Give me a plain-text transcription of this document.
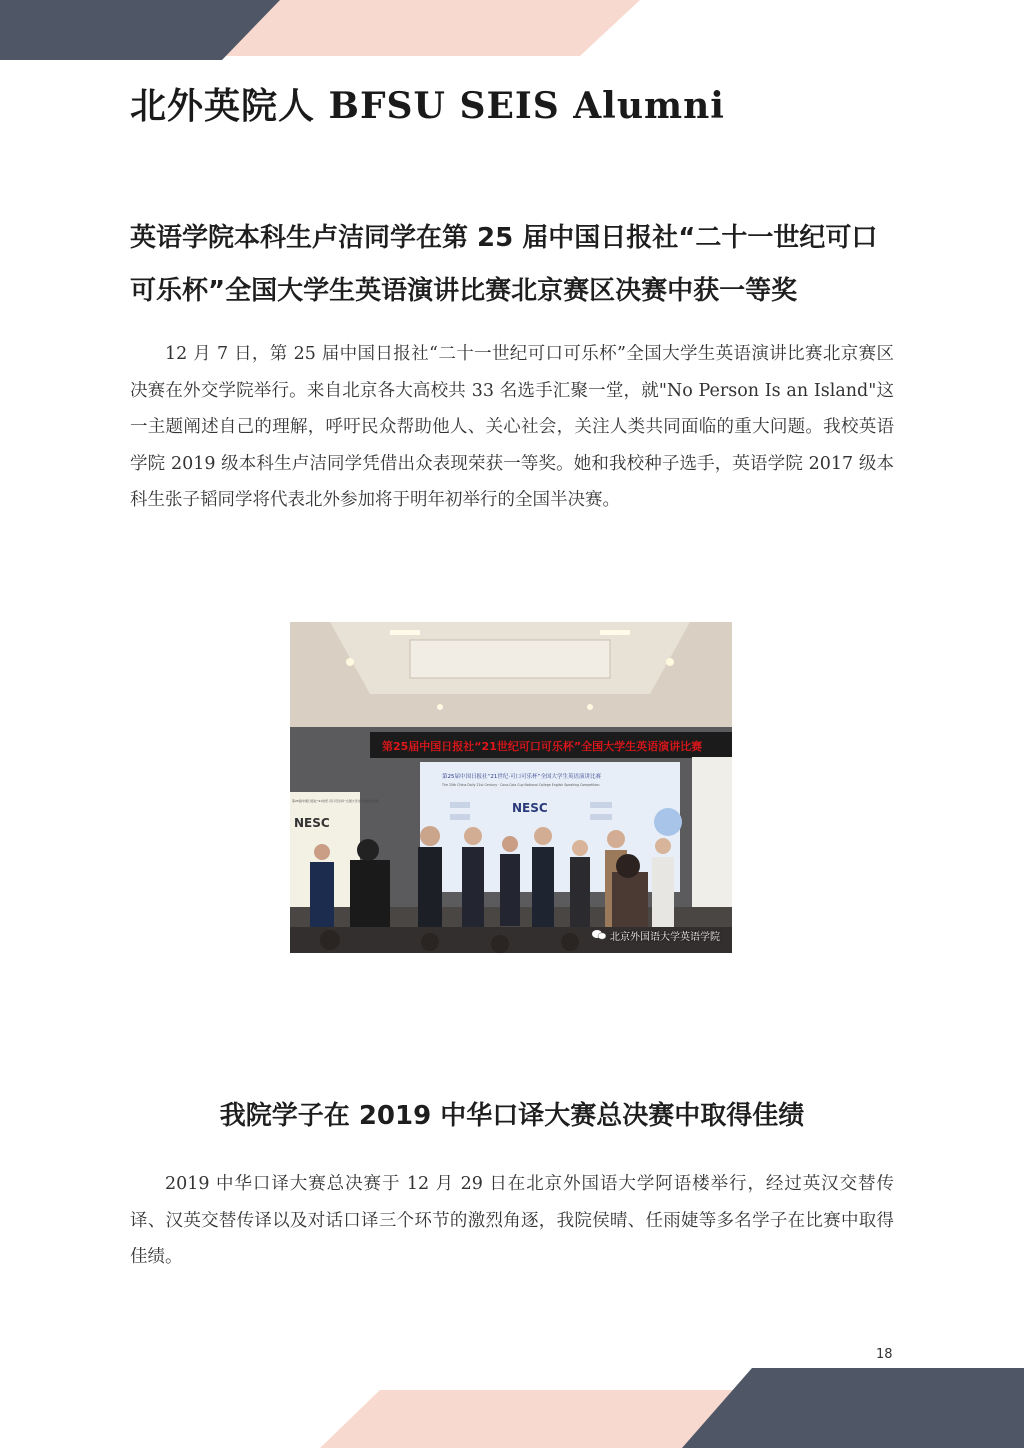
北外英院人 BFSU SEIS Alumni
英语学院本科生卢洁同学在第 25 届中国日报社“二十一世纪可口可乐杯”全国大学生英语演讲比赛北京赛区决赛中获一等奖

12 月 7 日，第 25 届中国日报社“二十一世纪可口可乐杯”全国大学生英语演讲比赛北京赛区决赛在外交学院举行。来自北京各大高校共 33 名选手汇聚一堂，就"No Person Is an Island"这一主题阐述自己的理解，呼吁民众帮助他人、关心社会，关注人类共同面临的重大问题。我校英语学院 2019 级本科生卢洁同学凭借出众表现荣获一等奖。她和我校种子选手，英语学院 2017 级本科生张子韬同学将代表北外参加将于明年初举行的全国半决赛。

第25届中国日报社“21世纪可口可乐杯”全国大学生英语演讲比赛
第25届中国日报社“21世纪·可口可乐杯”全国大学生英语演讲比赛
The 25th China Daily 21st Century · Coca-Cola Cup National College English Speaking Competition
NESC
第25届中国日报社“21世纪·可口可乐杯”全国大学生英语演讲比赛
NESC
北京外国语大学英语学院
我院学子在 2019 中华口译大赛总决赛中取得佳绩

2019 中华口译大赛总决赛于 12 月 29 日在北京外国语大学阿语楼举行，经过英汉交替传译、汉英交替传译以及对话口译三个环节的激烈角逐，我院侯晴、任雨婕等多名学子在比赛中取得佳绩。

18
